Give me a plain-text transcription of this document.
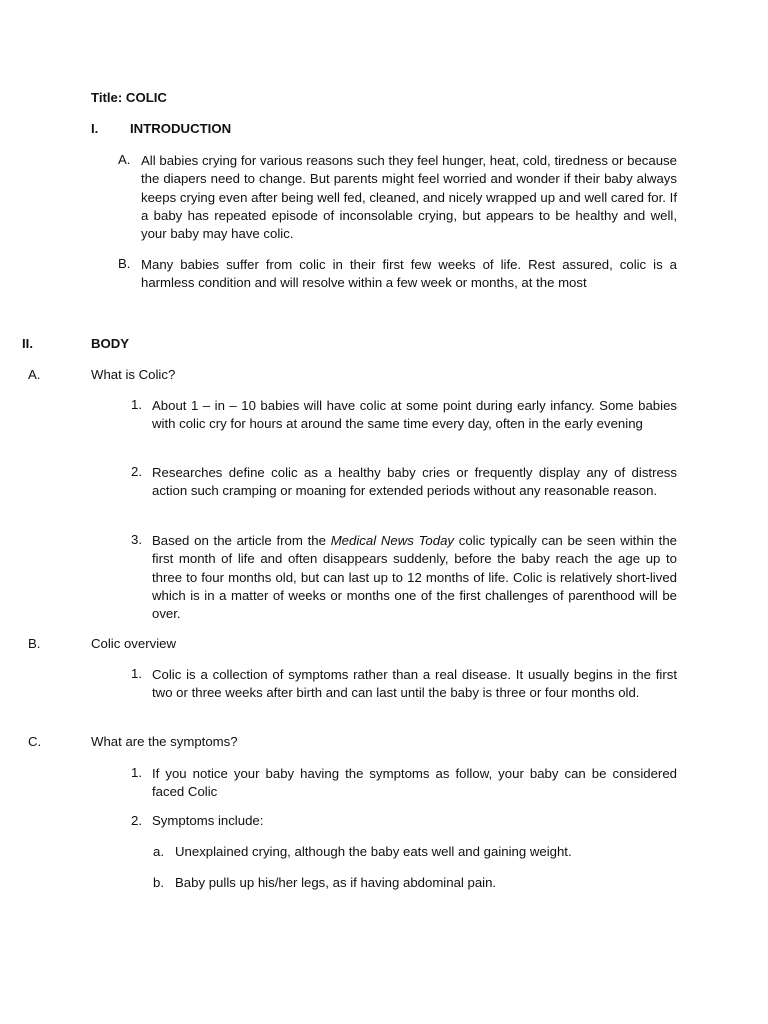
Title: COLIC
I. INTRODUCTION
A. All babies crying for various reasons such they feel hunger, heat, cold, tiredness or because the diapers need to change. But parents might feel worried and wonder if their baby always keeps crying even after being well fed, cleaned, and nicely wrapped up and well cared for. If a baby has repeated episode of inconsolable crying, but appears to be healthy and well, your baby may have colic.
B. Many babies suffer from colic in their first few weeks of life. Rest assured, colic is a harmless condition and will resolve within a few week or months, at the most
II.	BODY
A.	What is Colic?
1. About 1 – in – 10 babies will have colic at some point during early infancy. Some babies with colic cry for hours at around the same time every day, often in the early evening
2. Researches define colic as a healthy baby cries or frequently display any of distress action such cramping or moaning for extended periods without any reasonable reason.
3. Based on the article from the Medical News Today colic typically can be seen within the first month of life and often disappears suddenly, before the baby reach the age up to three to four months old, but can last up to 12 months of life. Colic is relatively short-lived which is in a matter of weeks or months one of the first challenges of parenthood will be over.
B.	Colic overview
1. Colic is a collection of symptoms rather than a real disease. It usually begins in the first two or three weeks after birth and can last until the baby is three or four months old.
C.	What are the symptoms?
1. If you notice your baby having the symptoms as follow, your baby can be considered faced Colic
2. Symptoms include:
a. Unexplained crying, although the baby eats well and gaining weight.
b. Baby pulls up his/her legs, as if having abdominal pain.
